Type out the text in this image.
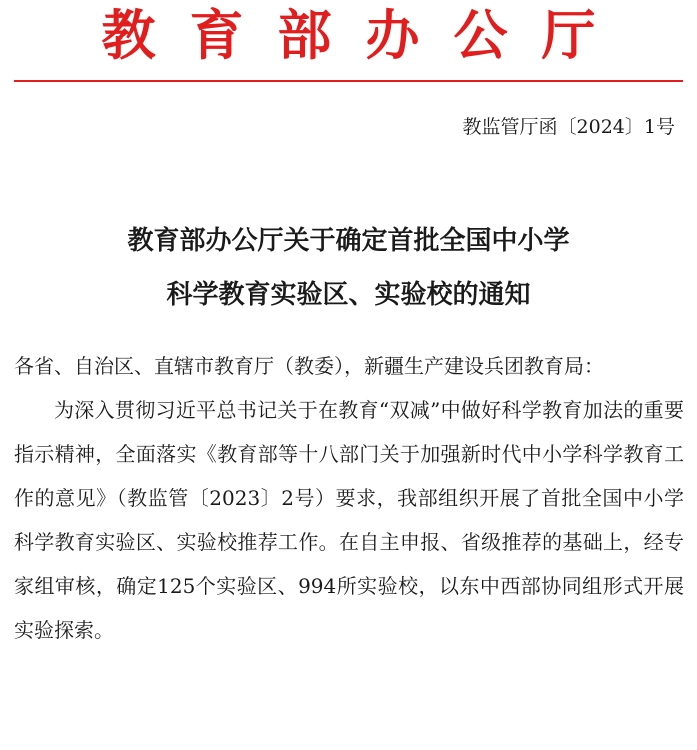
教育部办公厅
教监管厅函〔2024〕1号
教育部办公厅关于确定首批全国中小学
科学教育实验区、实验校的通知

各省、自治区、直辖市教育厅（教委），新疆生产建设兵团教育局：

为深入贯彻习近平总书记关于在教育“双减”中做好科学教育加法的重要指示精神，全面落实《教育部等十八部门关于加强新时代中小学科学教育工作的意见》（教监管〔2023〕2号）要求，我部组织开展了首批全国中小学科学教育实验区、实验校推荐工作。在自主申报、省级推荐的基础上，经专家组审核，确定125个实验区、994所实验校，以东中西部协同组形式开展实验探索。
